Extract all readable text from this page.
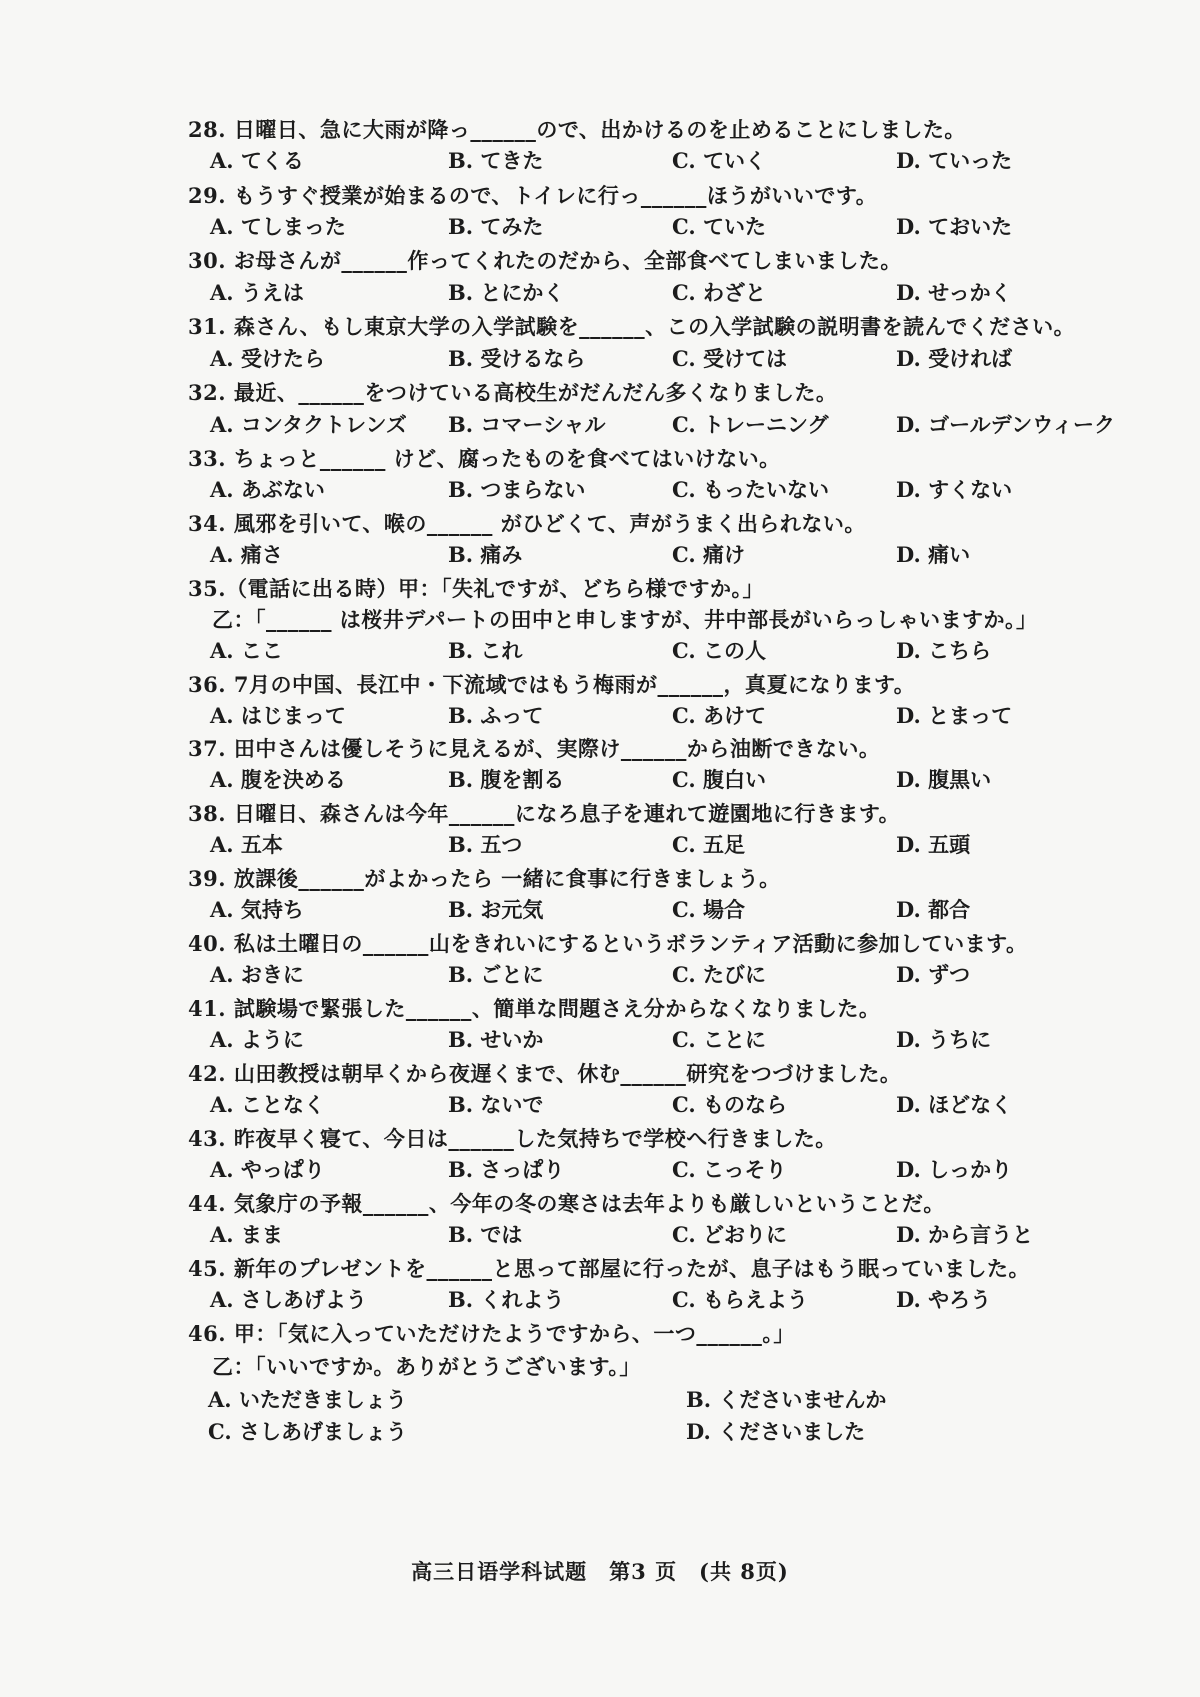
28. 日曜日、急に大雨が降っ______ので、出かけるのを止めることにしました。
A. てくる	B. てきた	C. ていく	D. ていった
29. もうすぐ授業が始まるので、トイレに行っ______ほうがいいです。
A. てしまった	B. てみた	C. ていた	D. ておいた
30. お母さんが______作ってくれたのだから、全部食べてしまいました。
A. うえは	B. とにかく	C. わざと	D. せっかく
31. 森さん、もし東京大学の入学試験を______、この入学試験の説明書を読んでください。
A. 受けたら	B. 受けるなら	C. 受けては	D. 受ければ
32. 最近、______をつけている高校生がだんだん多くなりました。
A. コンタクトレンズ B. コマーシャル	C. トレーニング	D. ゴールデンウィーク
33. ちょっと______ けど、腐ったものを食べてはいけない。
A. あぶない	B. つまらない	C. もったいない	D. すくない
34. 風邪を引いて、喉の______ がひどくて、声がうまく出られない。
A. 痛さ	B. 痛み	C. 痛け	D. 痛い
35.（電話に出る時）甲：「失礼ですが、どちら様ですか。」
乙：「______ は桜井デパートの田中と申しますが、井中部長がいらっしゃいますか。」
A. ここ	B. これ	C. この人	D. こちら
36. 7月の中国、長江中・下流域ではもう梅雨が______，真夏になります。
A. はじまって	B. ふって	C. あけて	D. とまって
37. 田中さんは優しそうに見えるが、実際け______から油断できない。
A. 腹を決める	B. 腹を割る	C. 腹白い	D. 腹黒い
38. 日曜日、森さんは今年______になろ息子を連れて遊園地に行きます。
A. 五本	B. 五つ	C. 五足	D. 五頭
39. 放課後______がよかったら 一緒に食事に行きましょう。
A. 気持ち	B. お元気	C. 場合	D. 都合
40. 私は土曜日の______山をきれいにするというボランティア活動に参加しています。
A. おきに	B. ごとに	C. たびに	D. ずつ
41. 試験場で緊張した______、簡単な問題さえ分からなくなりました。
A. ように	B. せいか	C. ことに	D. うちに
42. 山田教授は朝早くから夜遅くまで、休む______研究をつづけました。
A. ことなく	B. ないで	C. ものなら	D. ほどなく
43. 昨夜早く寝て、今日は______した気持ちで学校へ行きました。
A. やっぱり	B. さっぱり	C. こっそり	D. しっかり
44. 気象庁の予報______、今年の冬の寒さは去年よりも厳しいということだ。
A. まま	B. では	C. どおりに	D. から言うと
45. 新年のプレゼントを______と思って部屋に行ったが、息子はもう眠っていました。
A. さしあげよう	B. くれよう	C. もらえよう	D. やろう
46. 甲：「気に入っていただけたようですから、一つ______。」
乙：「いいですか。ありがとうございます。」
A. いただきましょう	B. くださいませんか
C. さしあげましょう	D. くださいました
高三日语学科试题　第3 页　(共 8页)
